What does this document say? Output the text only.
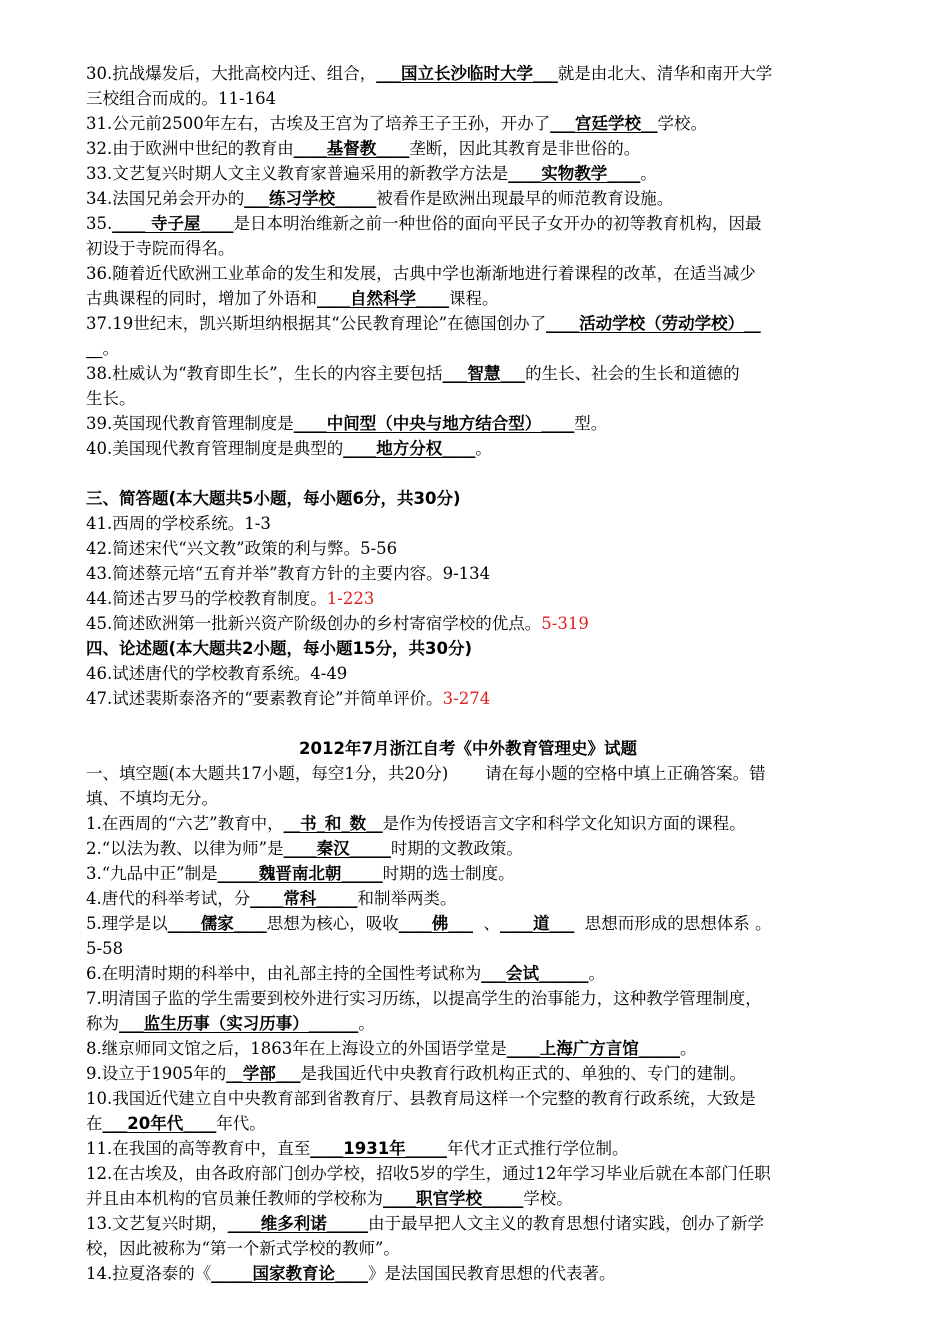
30.抗战爆发后，大批高校内迁、组合，___国立长沙临时大学___就是由北大、清华和南开大学
三校组合而成的。11-164
31.公元前2500年左右，古埃及王宫为了培养王子王孙，开办了___宫廷学校__学校。
32.由于欧洲中世纪的教育由____基督教____垄断，因此其教育是非世俗的。
33.文艺复兴时期人文主义教育家普遍采用的新教学方法是____实物教学____。
34.法国兄弟会开办的___练习学校_____被看作是欧洲出现最早的师范教育设施。
35.____ 寺子屋____是日本明治维新之前一种世俗的面向平民子女开办的初等教育机构，因最
初设于寺院而得名。
36.随着近代欧洲工业革命的发生和发展，古典中学也渐渐地进行着课程的改革，在适当减少
古典课程的同时，增加了外语和____自然科学____课程。
37.19世纪末，凯兴斯坦纳根据其“公民教育理论”在德国创办了____活动学校（劳动学校）__
__。
38.杜威认为“教育即生长”，生长的内容主要包括___智慧___的生长、社会的生长和道德的
生长。
39.英国现代教育管理制度是____中间型（中央与地方结合型）____型。
40.美国现代教育管理制度是典型的____地方分权____。
三、简答题(本大题共5小题，每小题6分，共30分)
41.西周的学校系统。1-3
42.简述宋代“兴文教”政策的利与弊。5-56
43.简述蔡元培“五育并举”教育方针的主要内容。9-134
44.简述古罗马的学校教育制度。1-223
45.简述欧洲第一批新兴资产阶级创办的乡村寄宿学校的优点。5-319
四、论述题(本大题共2小题，每小题15分，共30分)
46.试述唐代的学校教育系统。4-49
47.试述裴斯泰洛齐的“要素教育论”并简单评价。3-274
2012年7月浙江自考《中外教育管理史》试题
一、填空题(本大题共17小题，每空1分，共20分)       请在每小题的空格中填上正确答案。错
填、不填均无分。
1.在西周的“六艺”教育中，__书_和_数__是作为传授语言文字和科学文化知识方面的课程。
2.“以法为教、以律为师”是____秦汉_____时期的文教政策。
3.“九品中正”制是_____魏晋南北朝_____时期的选士制度。
4.唐代的科举考试，分____常科_____和制举两类。
5.理学是以____儒家____思想为核心，吸收____佛___  、____道___  思想而形成的思想体系 。
5-58
6.在明清时期的科举中，由礼部主持的全国性考试称为___会试______。
7.明清国子监的学生需要到校外进行实习历练，以提高学生的治事能力，这种教学管理制度，
称为___监生历事（实习历事）______。
8.继京师同文馆之后，1863年在上海设立的外国语学堂是____上海广方言馆_____。
9.设立于1905年的__学部___是我国近代中央教育行政机构正式的、单独的、专门的建制。
10.我国近代建立自中央教育部到省教育厅、县教育局这样一个完整的教育行政系统，大致是
在___20年代____年代。
11.在我国的高等教育中，直至____1931年_____年代才正式推行学位制。
12.在古埃及，由各政府部门创办学校，招收5岁的学生，通过12年学习毕业后就在本部门任职
并且由本机构的官员兼任教师的学校称为____职官学校_____学校。
13.文艺复兴时期，____维多利诺_____由于最早把人文主义的教育思想付诸实践，创办了新学
校，因此被称为“第一个新式学校的教师”。
14.拉夏洛泰的《_____国家教育论____》是法国国民教育思想的代表著。
